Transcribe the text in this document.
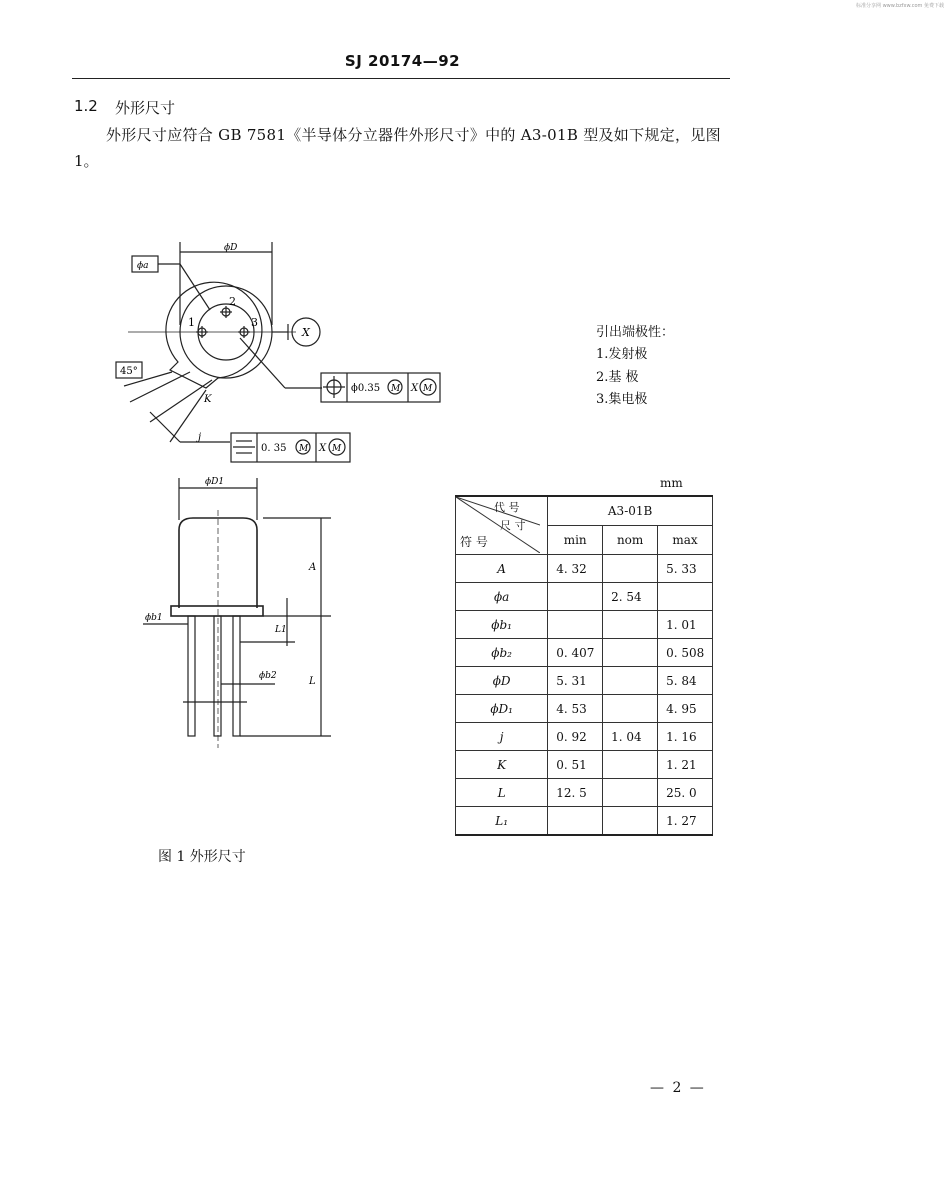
标准分享网 www.bzfxw.com 免费下载
SJ 20174—92
1.2 外形尺寸
外形尺寸应符合 GB 7581《半导体分立器件外形尺寸》中的 A3-01B 型及如下规定，见图
1。
ϕD
ϕa
1
2
3
X
45°
K
j
ϕ0.35 M X M
0. 35 M X M
ϕD1
A
L
L1
ϕb1
ϕb2
引出端极性：
1.发射极
2.基 极
3.集电极
mm
代 号
尺 寸
符 号	A3-01B		
	min	nom	max
A	4. 32		5. 33
ϕa		2. 54	
ϕb₁			1. 01
ϕb₂	0. 407		0. 508
ϕD	5. 31		5. 84
ϕD₁	4. 53		4. 95
j	0. 92	1. 04	1. 16
K	0. 51		1. 21
L	12. 5		25. 0
L₁			1. 27
图 1 外形尺寸
— 2 —
